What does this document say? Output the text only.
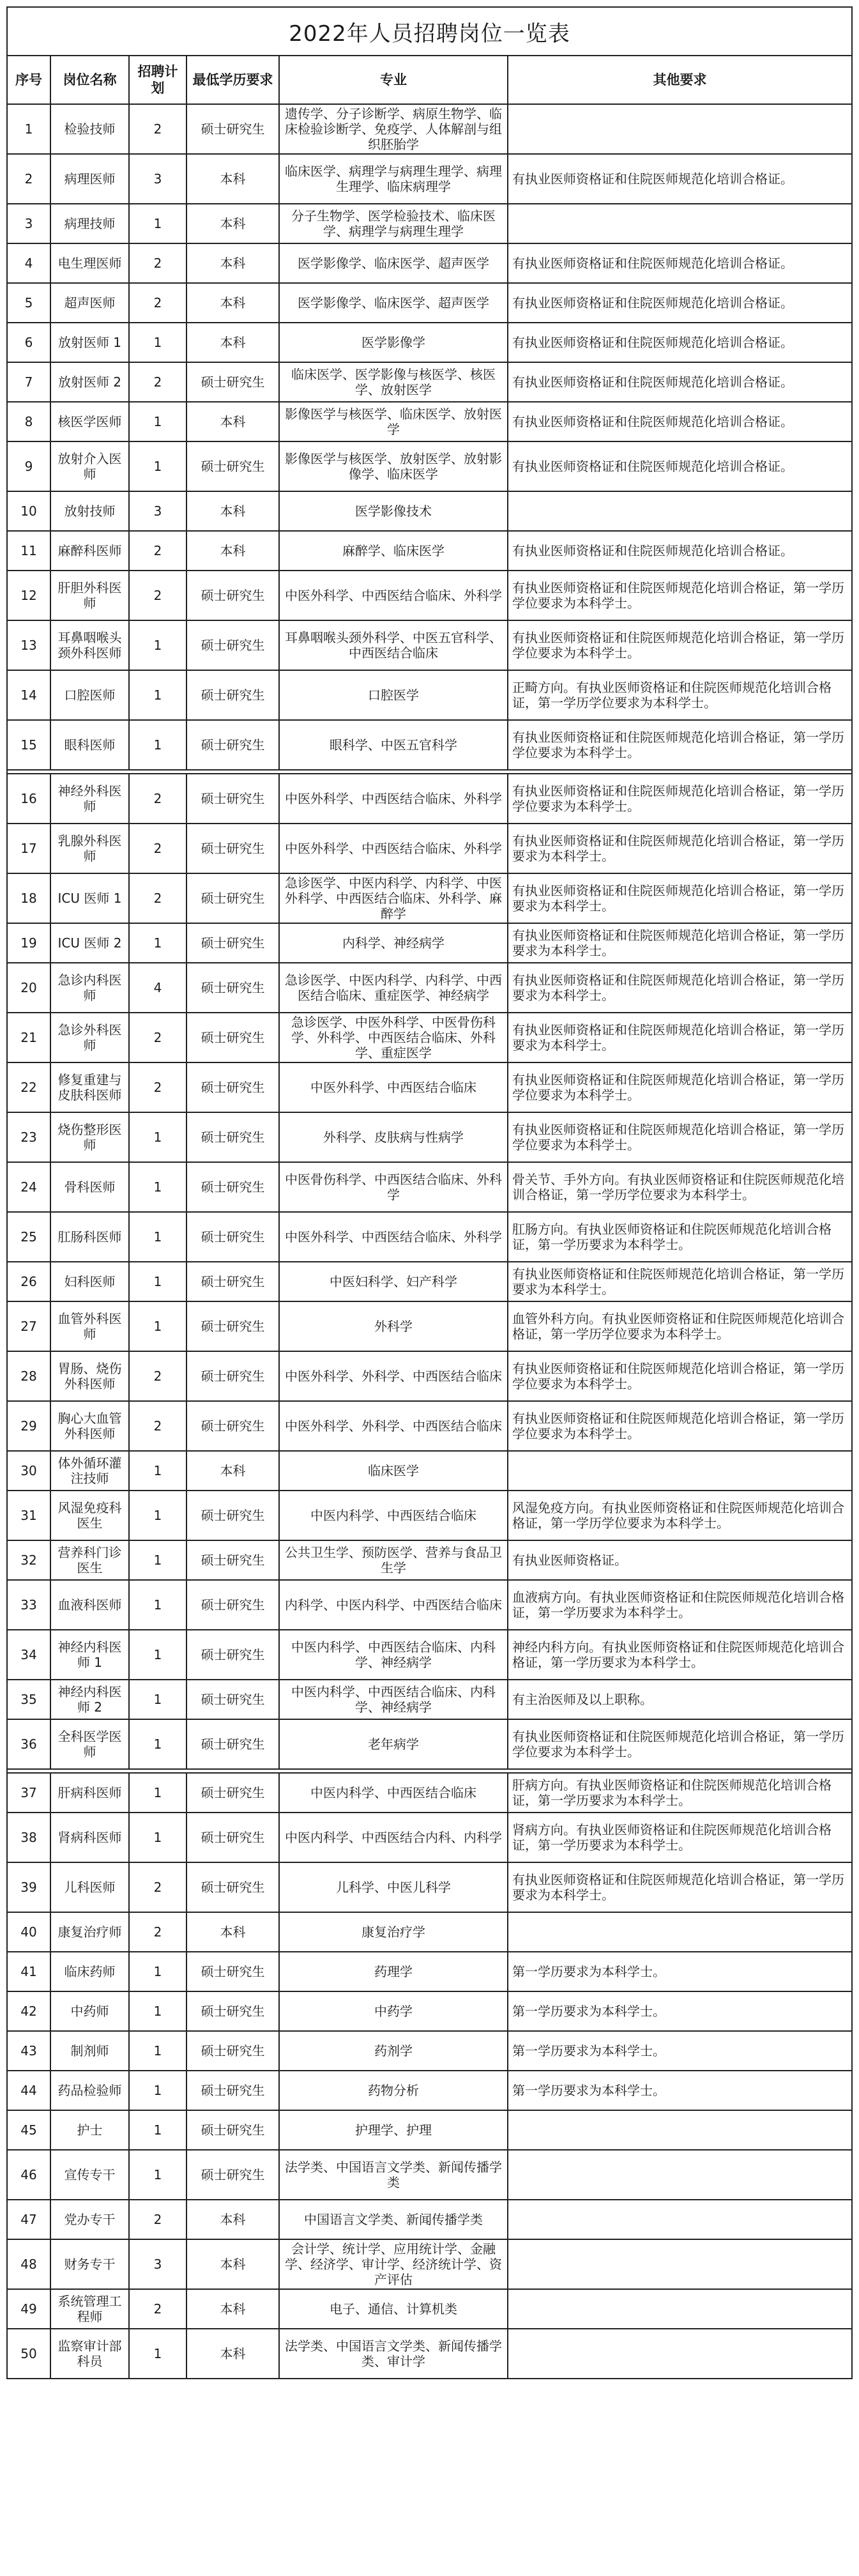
2022年人员招聘岗位一览表
序号	岗位名称	招聘计划	最低学历要求	专业	其他要求
1	检验技师	2	硕士研究生	遗传学、分子诊断学、病原生物学、临床检验诊断学、免疫学、人体解剖与组织胚胎学	
2	病理医师	3	本科	临床医学、病理学与病理生理学、病理生理学、临床病理学	有执业医师资格证和住院医师规范化培训合格证。
3	病理技师	1	本科	分子生物学、医学检验技术、临床医学、病理学与病理生理学	
4	电生理医师	2	本科	医学影像学、临床医学、超声医学	有执业医师资格证和住院医师规范化培训合格证。
5	超声医师	2	本科	医学影像学、临床医学、超声医学	有执业医师资格证和住院医师规范化培训合格证。
6	放射医师 1	1	本科	医学影像学	有执业医师资格证和住院医师规范化培训合格证。
7	放射医师 2	2	硕士研究生	临床医学、医学影像与核医学、核医学、放射医学	有执业医师资格证和住院医师规范化培训合格证。
8	核医学医师	1	本科	影像医学与核医学、临床医学、放射医学	有执业医师资格证和住院医师规范化培训合格证。
9	放射介入医师	1	硕士研究生	影像医学与核医学、放射医学、放射影像学、临床医学	有执业医师资格证和住院医师规范化培训合格证。
10	放射技师	3	本科	医学影像技术	
11	麻醉科医师	2	本科	麻醉学、临床医学	有执业医师资格证和住院医师规范化培训合格证。
12	肝胆外科医师	2	硕士研究生	中医外科学、中西医结合临床、外科学	有执业医师资格证和住院医师规范化培训合格证，第一学历学位要求为本科学士。
13	耳鼻咽喉头颈外科医师	1	硕士研究生	耳鼻咽喉头颈外科学、中医五官科学、中西医结合临床	有执业医师资格证和住院医师规范化培训合格证，第一学历学位要求为本科学士。
14	口腔医师	1	硕士研究生	口腔医学	正畸方向。有执业医师资格证和住院医师规范化培训合格证，第一学历学位要求为本科学士。
15	眼科医师	1	硕士研究生	眼科学、中医五官科学	有执业医师资格证和住院医师规范化培训合格证，第一学历学位要求为本科学士。

16	神经外科医师	2	硕士研究生	中医外科学、中西医结合临床、外科学	有执业医师资格证和住院医师规范化培训合格证，第一学历学位要求为本科学士。
17	乳腺外科医师	2	硕士研究生	中医外科学、中西医结合临床、外科学	有执业医师资格证和住院医师规范化培训合格证，第一学历要求为本科学士。
18	ICU 医师 1	2	硕士研究生	急诊医学、中医内科学、内科学、中医外科学、中西医结合临床、外科学、麻醉学	有执业医师资格证和住院医师规范化培训合格证，第一学历要求为本科学士。
19	ICU 医师 2	1	硕士研究生	内科学、神经病学	有执业医师资格证和住院医师规范化培训合格证，第一学历要求为本科学士。
20	急诊内科医师	4	硕士研究生	急诊医学、中医内科学、内科学、中西医结合临床、重症医学、神经病学	有执业医师资格证和住院医师规范化培训合格证，第一学历要求为本科学士。
21	急诊外科医师	2	硕士研究生	急诊医学、中医外科学、中医骨伤科学、外科学、中西医结合临床、外科学、重症医学	有执业医师资格证和住院医师规范化培训合格证，第一学历要求为本科学士。
22	修复重建与皮肤科医师	2	硕士研究生	中医外科学、中西医结合临床	有执业医师资格证和住院医师规范化培训合格证，第一学历学位要求为本科学士。
23	烧伤整形医师	1	硕士研究生	外科学、皮肤病与性病学	有执业医师资格证和住院医师规范化培训合格证，第一学历学位要求为本科学士。
24	骨科医师	1	硕士研究生	中医骨伤科学、中西医结合临床、外科学	骨关节、手外方向。有执业医师资格证和住院医师规范化培训合格证，第一学历学位要求为本科学士。
25	肛肠科医师	1	硕士研究生	中医外科学、中西医结合临床、外科学	肛肠方向。有执业医师资格证和住院医师规范化培训合格证，第一学历要求为本科学士。
26	妇科医师	1	硕士研究生	中医妇科学、妇产科学	有执业医师资格证和住院医师规范化培训合格证，第一学历要求为本科学士。
27	血管外科医师	1	硕士研究生	外科学	血管外科方向。有执业医师资格证和住院医师规范化培训合格证，第一学历学位要求为本科学士。
28	胃肠、烧伤外科医师	2	硕士研究生	中医外科学、外科学、中西医结合临床	有执业医师资格证和住院医师规范化培训合格证，第一学历学位要求为本科学士。
29	胸心大血管外科医师	2	硕士研究生	中医外科学、外科学、中西医结合临床	有执业医师资格证和住院医师规范化培训合格证，第一学历学位要求为本科学士。
30	体外循环灌注技师	1	本科	临床医学	
31	风湿免疫科医生	1	硕士研究生	中医内科学、中西医结合临床	风湿免疫方向。有执业医师资格证和住院医师规范化培训合格证，第一学历学位要求为本科学士。
32	营养科门诊医生	1	硕士研究生	公共卫生学、预防医学、营养与食品卫生学	有执业医师资格证。
33	血液科医师	1	硕士研究生	内科学、中医内科学、中西医结合临床	血液病方向。有执业医师资格证和住院医师规范化培训合格证，第一学历要求为本科学士。
34	神经内科医师 1	1	硕士研究生	中医内科学、中西医结合临床、内科学、神经病学	神经内科方向。有执业医师资格证和住院医师规范化培训合格证，第一学历要求为本科学士。
35	神经内科医师 2	1	硕士研究生	中医内科学、中西医结合临床、内科学、神经病学	有主治医师及以上职称。
36	全科医学医师	1	硕士研究生	老年病学	有执业医师资格证和住院医师规范化培训合格证，第一学历学位要求为本科学士。

37	肝病科医师	1	硕士研究生	中医内科学、中西医结合临床	肝病方向。有执业医师资格证和住院医师规范化培训合格证，第一学历要求为本科学士。
38	肾病科医师	1	硕士研究生	中医内科学、中西医结合内科、内科学	肾病方向。有执业医师资格证和住院医师规范化培训合格证，第一学历要求为本科学士。
39	儿科医师	2	硕士研究生	儿科学、中医儿科学	有执业医师资格证和住院医师规范化培训合格证，第一学历要求为本科学士。
40	康复治疗师	2	本科	康复治疗学	
41	临床药师	1	硕士研究生	药理学	第一学历要求为本科学士。
42	中药师	1	硕士研究生	中药学	第一学历要求为本科学士。
43	制剂师	1	硕士研究生	药剂学	第一学历要求为本科学士。
44	药品检验师	1	硕士研究生	药物分析	第一学历要求为本科学士。
45	护士	1	硕士研究生	护理学、护理	
46	宣传专干	1	硕士研究生	法学类、中国语言文学类、新闻传播学类	
47	党办专干	2	本科	中国语言文学类、新闻传播学类	
48	财务专干	3	本科	会计学、统计学、应用统计学、金融学、经济学、审计学、经济统计学、资产评估	
49	系统管理工程师	2	本科	电子、通信、计算机类	
50	监察审计部科员	1	本科	法学类、中国语言文学类、新闻传播学类、审计学	
